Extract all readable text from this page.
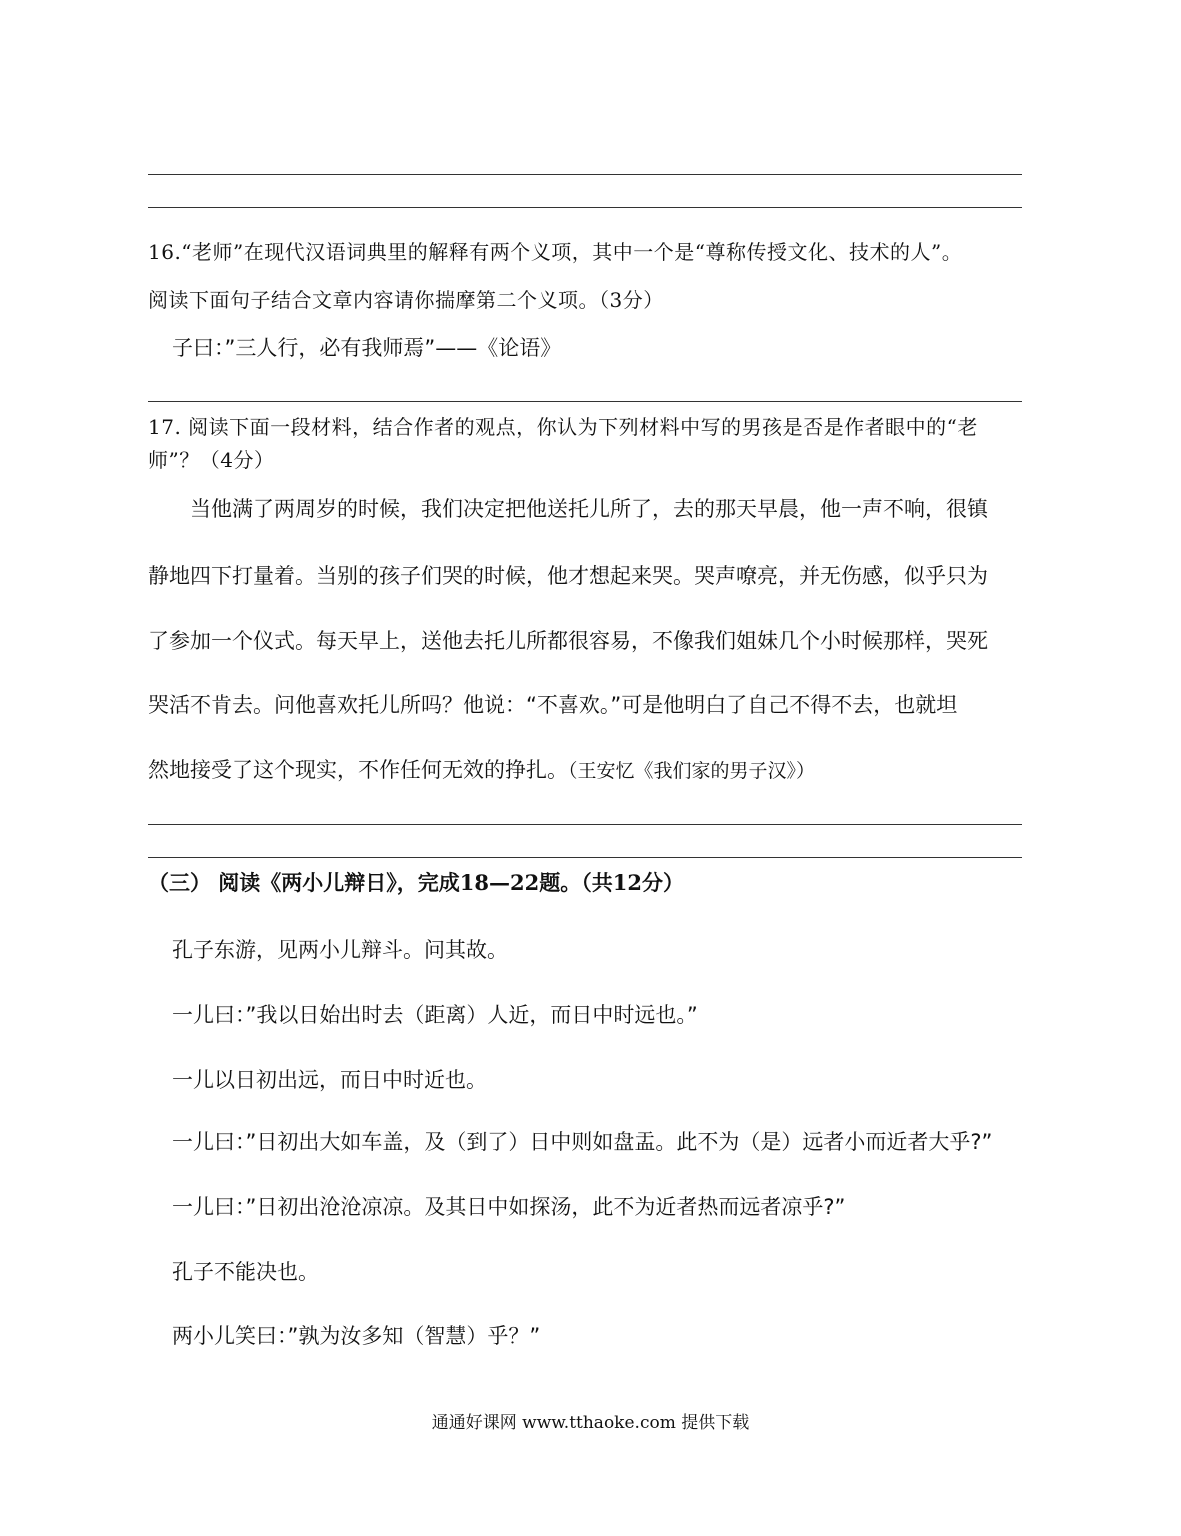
16.“老师”在现代汉语词典里的解释有两个义项，其中一个是“尊称传授文化、技术的人”。
阅读下面句子结合文章内容请你揣摩第二个义项。（3分）
子曰：”三人行，必有我师焉”——《论语》
17. 阅读下面一段材料，结合作者的观点，你认为下列材料中写的男孩是否是作者眼中的“老
师”？（4分）
当他满了两周岁的时候，我们决定把他送托儿所了，去的那天早晨，他一声不响，很镇
静地四下打量着。当别的孩子们哭的时候，他才想起来哭。哭声嘹亮，并无伤感，似乎只为
了参加一个仪式。每天早上，送他去托儿所都很容易，不像我们姐妹几个小时候那样，哭死
哭活不肯去。问他喜欢托儿所吗？他说：“不喜欢。”可是他明白了自己不得不去，也就坦
然地接受了这个现实，不作任何无效的挣扎。（王安忆《我们家的男子汉》）
（三） 阅读《两小儿辩日》，完成18—22题。（共12分）
孔子东游，见两小儿辩斗。问其故。
一儿曰：”我以日始出时去（距离）人近，而日中时远也。”
一儿以日初出远，而日中时近也。
一儿曰：”日初出大如车盖，及（到了）日中则如盘盂。此不为（是）远者小而近者大乎?”
一儿曰：”日初出沧沧凉凉。及其日中如探汤，此不为近者热而远者凉乎?”
孔子不能决也。
两小儿笑曰：”孰为汝多知（智慧）乎？”
通通好课网 www.tthaoke.com 提供下载
